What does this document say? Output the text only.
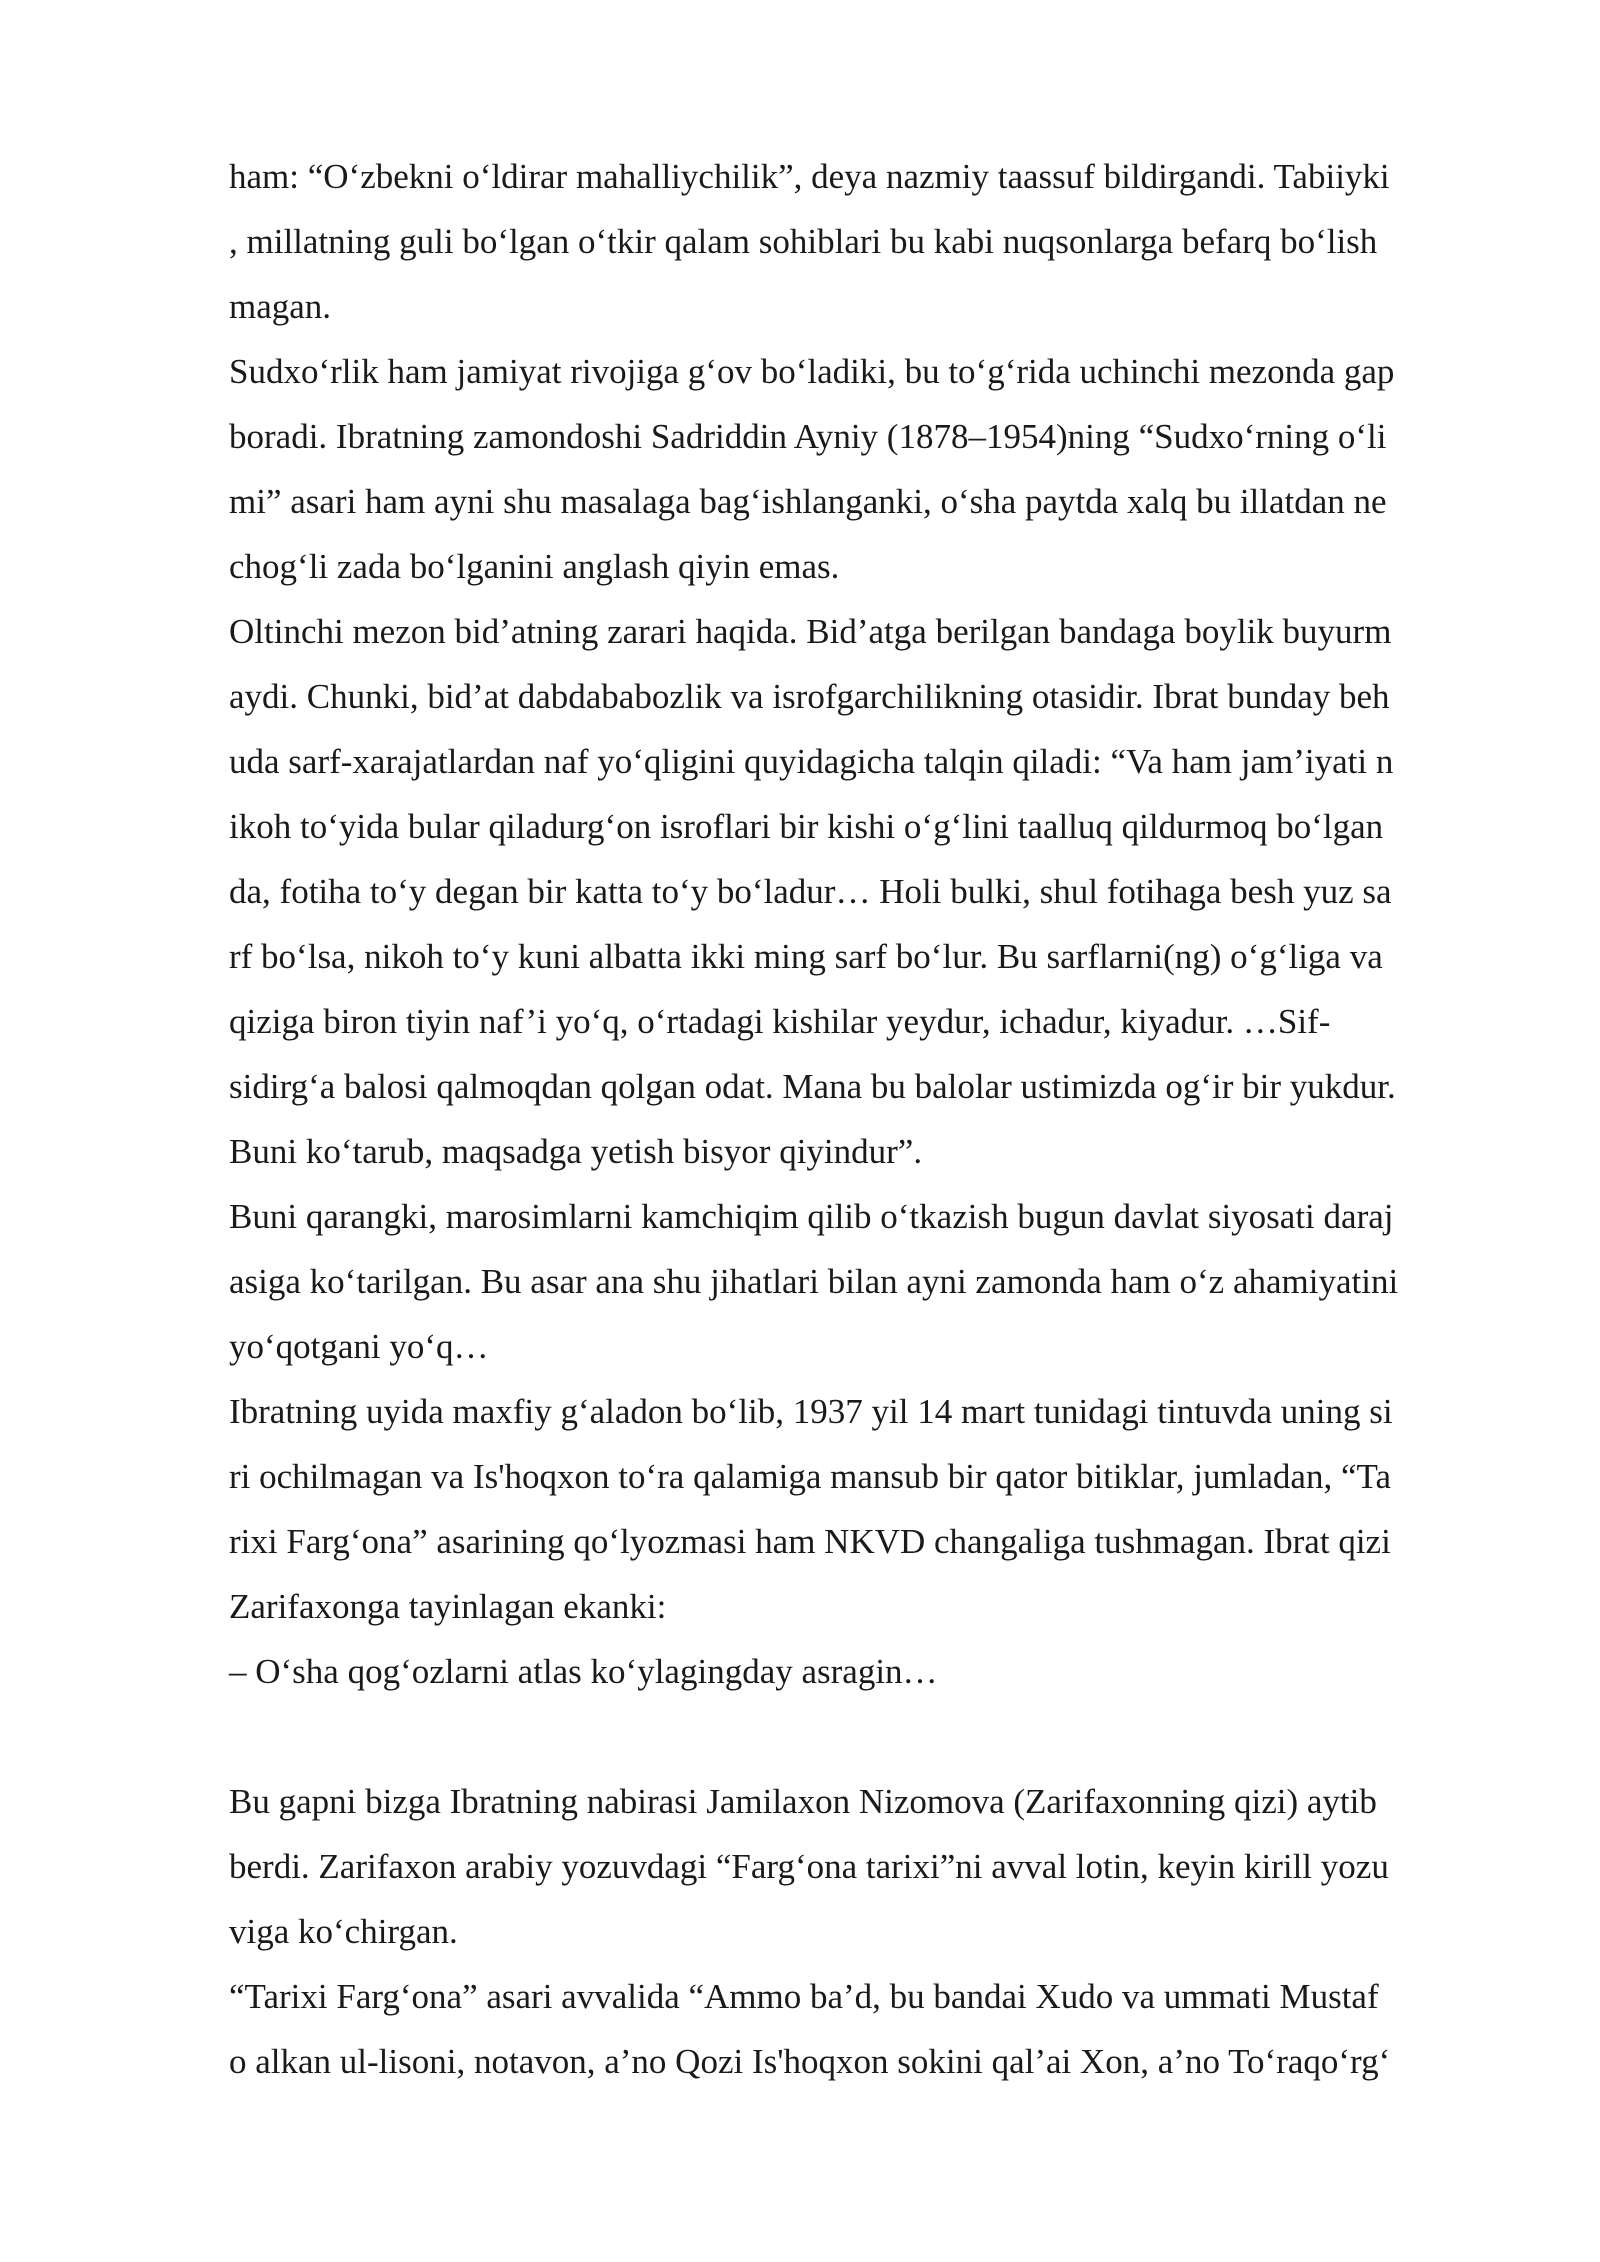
ham: “O‘zbekni o‘ldirar mahalliychilik”, deya nazmiy taassuf bildirgandi. Tabiiyki
, millatning guli bo‘lgan o‘tkir qalam sohiblari bu kabi nuqsonlarga befarq bo‘lish
magan.
Sudxo‘rlik ham jamiyat rivojiga g‘ov bo‘ladiki, bu to‘g‘rida uchinchi mezonda gap
boradi. Ibratning zamondoshi Sadriddin Ayniy (1878–1954)ning “Sudxo‘rning o‘li
mi” asari ham ayni shu masalaga bag‘ishlanganki, o‘sha paytda xalq bu illatdan ne
chog‘li zada bo‘lganini anglash qiyin emas.
Oltinchi mezon bid’atning zarari haqida. Bid’atga berilgan bandaga boylik buyurm
aydi. Chunki, bid’at dabdababozlik va isrofgarchilikning otasidir. Ibrat bunday beh
uda sarf-xarajatlardan naf yo‘qligini quyidagicha talqin qiladi: “Va ham jam’iyati n
ikoh to‘yida bular qiladurg‘on isroflari bir kishi o‘g‘lini taalluq qildurmoq bo‘lgan
da, fotiha to‘y degan bir katta to‘y bo‘ladur… Holi bulki, shul fotihaga besh yuz sa
rf bo‘lsa, nikoh to‘y kuni albatta ikki ming sarf bo‘lur. Bu sarflarni(ng) o‘g‘liga va
qiziga biron tiyin naf’i yo‘q, o‘rtadagi kishilar yeydur, ichadur, kiyadur. …Sif-
sidirg‘a balosi qalmoqdan qolgan odat. Mana bu balolar ustimizda og‘ir bir yukdur.
Buni ko‘tarub, maqsadga yetish bisyor qiyindur”.
Buni qarangki, marosimlarni kamchiqim qilib o‘tkazish bugun davlat siyosati daraj
asiga ko‘tarilgan. Bu asar ana shu jihatlari bilan ayni zamonda ham o‘z ahamiyatini
yo‘qotgani yo‘q…
Ibratning uyida maxfiy g‘aladon bo‘lib, 1937 yil 14 mart tunidagi tintuvda uning si
ri ochilmagan va Is'hoqxon to‘ra qalamiga mansub bir qator bitiklar, jumladan, “Ta
rixi Farg‘ona” asarining qo‘lyozmasi ham NKVD changaliga tushmagan. Ibrat qizi
Zarifaxonga tayinlagan ekanki:
– O‘sha qog‘ozlarni atlas ko‘ylagingday asragin…
Bu gapni bizga Ibratning nabirasi Jamilaxon Nizomova (Zarifaxonning qizi) aytib
berdi. Zarifaxon arabiy yozuvdagi “Farg‘ona tarixi”ni avval lotin, keyin kirill yozu
viga ko‘chirgan.
“Tarixi Farg‘ona” asari avvalida “Ammo ba’d, bu bandai Xudo va ummati Mustaf
o alkan ul-lisoni, notavon, a’no Qozi Is'hoqxon sokini qal’ai Xon, a’no To‘raqo‘rg‘
